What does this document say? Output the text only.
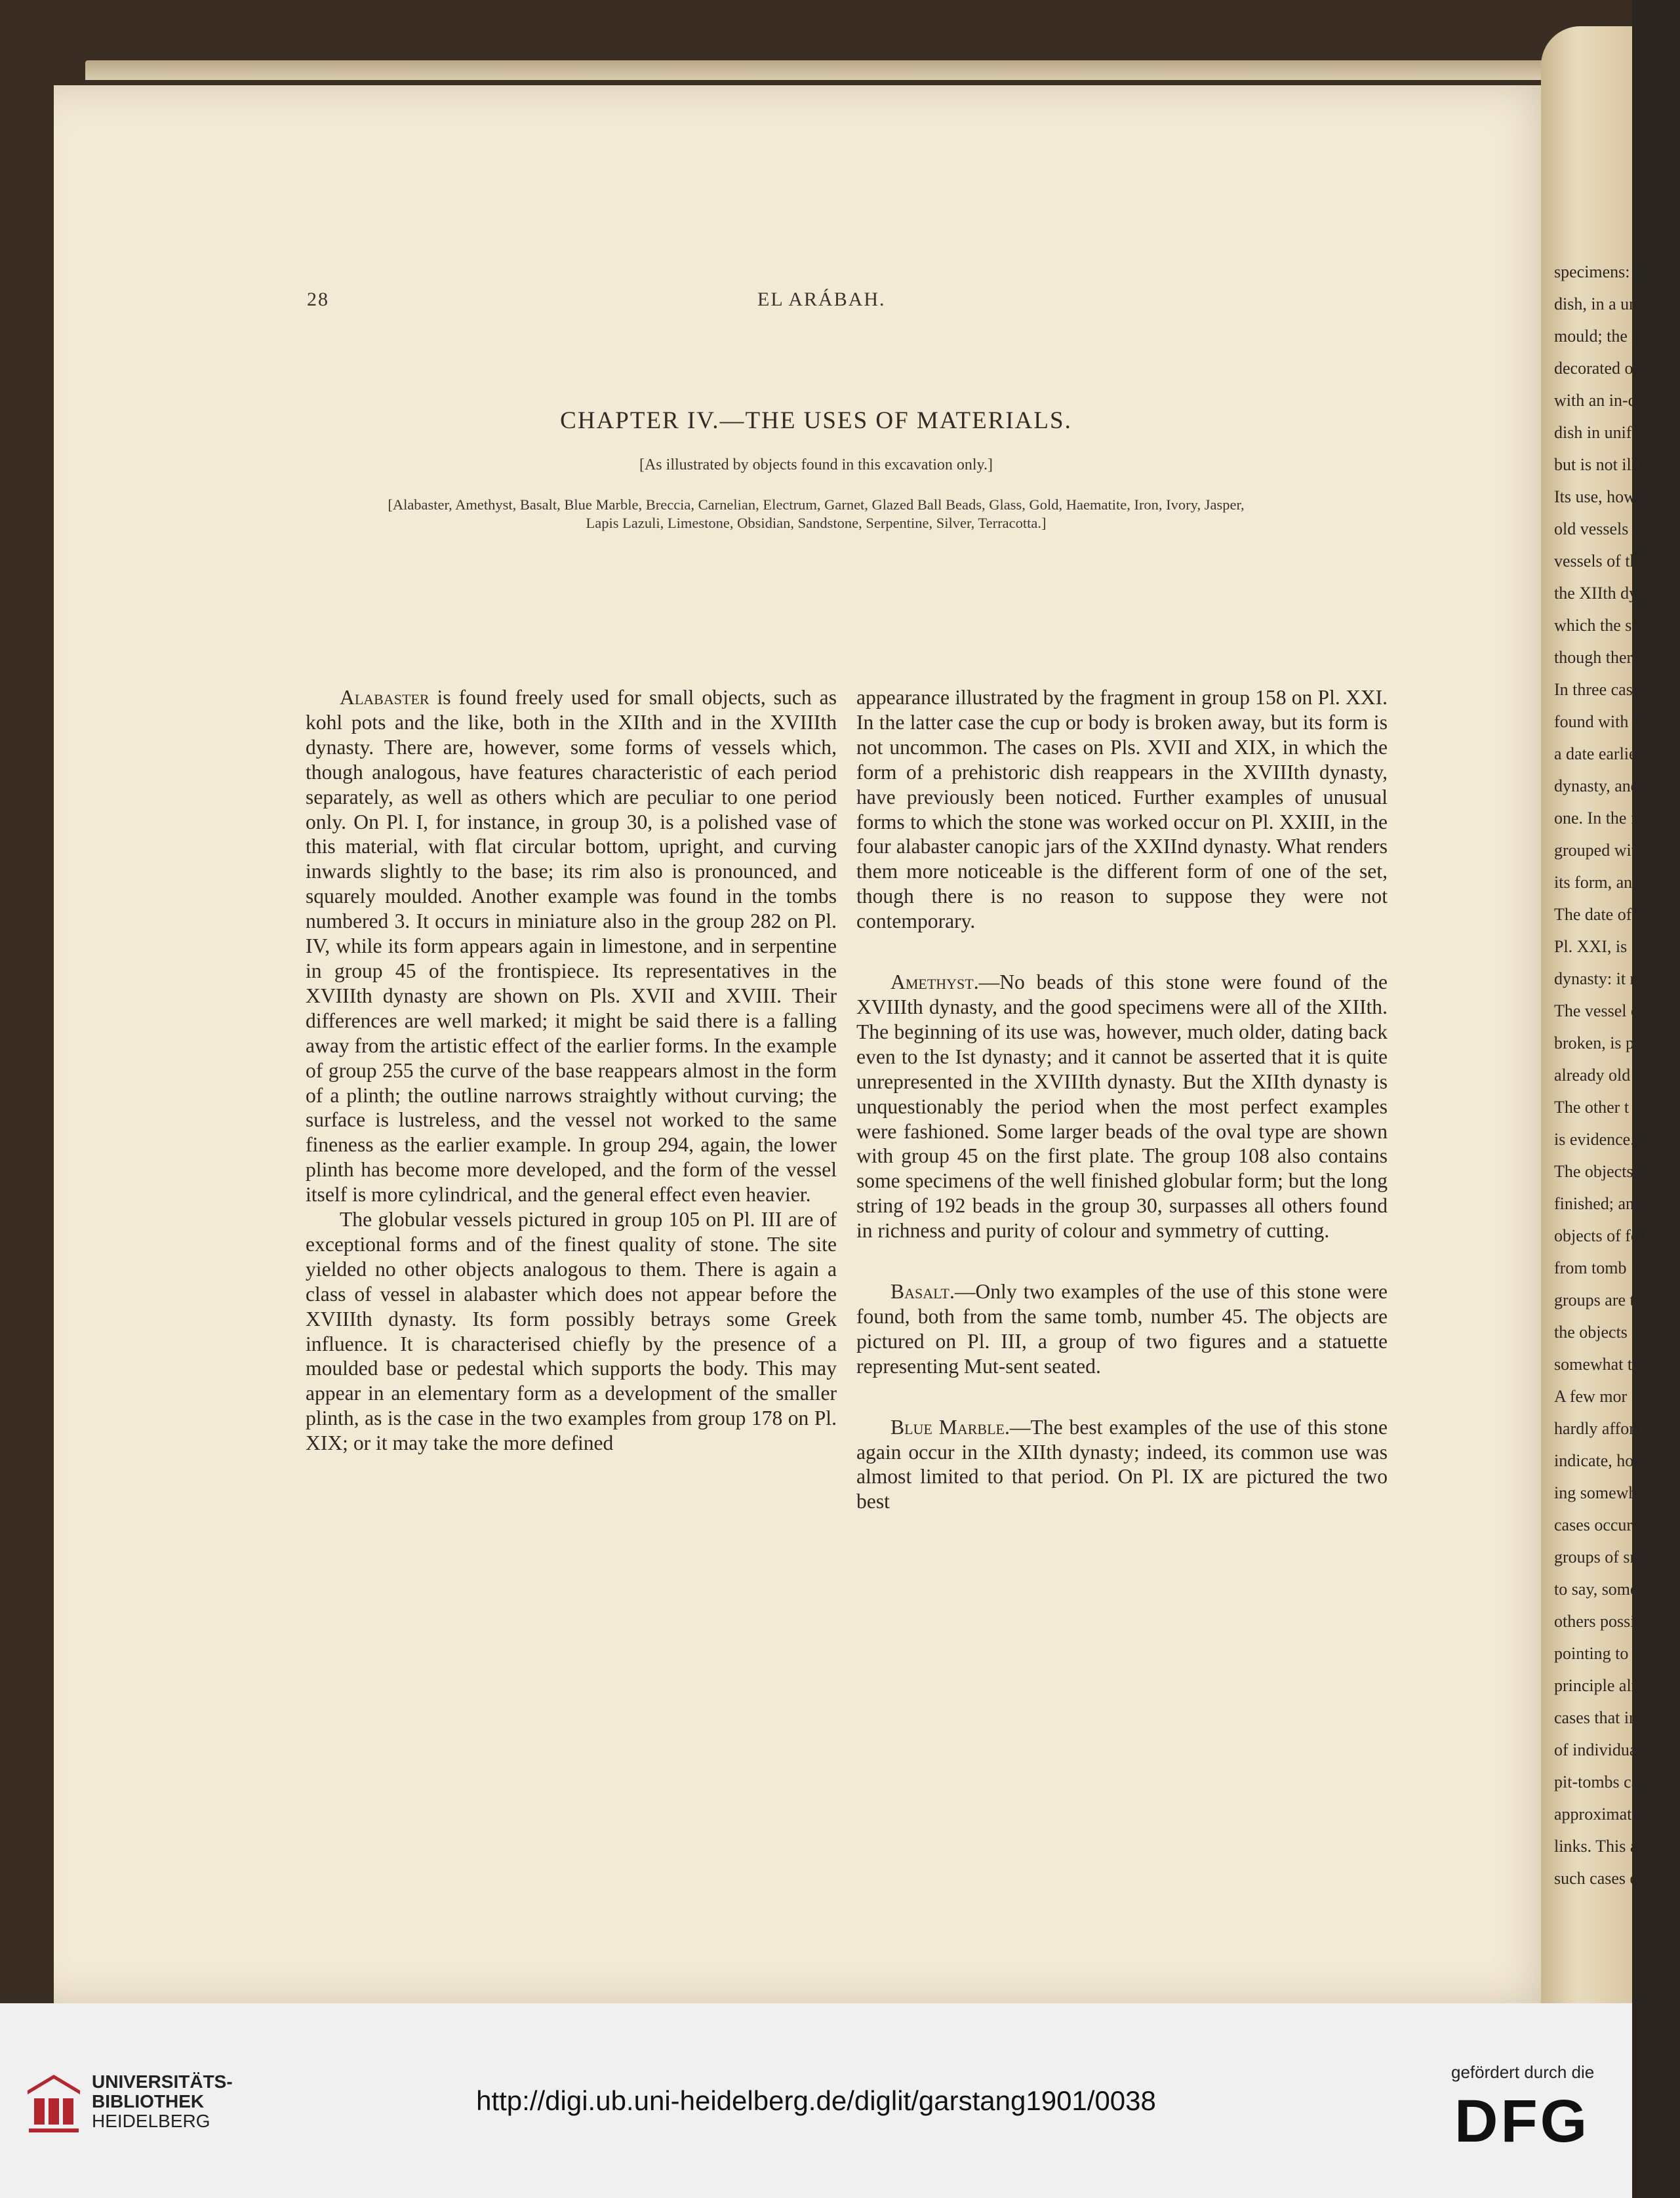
specimens: the on
dish, in a unifor
mould; the othe
decorated on its
with an in-curving
dish in uniform st
but is not illustrat
Its use, howe
old vessels and
vessels of this c
the XIIth dyna
which the stone
though there we
In three cases,
found with grou
a date earlier t
dynasty, and the
one. In the f
grouped with p
its form, and wi
The date of th
Pl. XXI, is
dynasty: it mig
The vessel of bl
broken, is plain
already old whe
The other t
is evidence.
The objects an
finished; and t
objects of foreig
from tomb 143
groups are typ
the objects o
somewhat the
A few mor
hardly afford
indicate, howe
ing somewha
cases occur f
groups of sma
to say, some
others possibl
pointing to t
principle alrea
cases that inv
of individual
pit-tombs can
approximation
links. This a
such cases of
28	EL ARÁBAH.
CHAPTER IV.—THE USES OF MATERIALS.
[As illustrated by objects found in this excavation only.]
[Alabaster, Amethyst, Basalt, Blue Marble, Breccia, Carnelian, Electrum, Garnet, Glazed Ball Beads, Glass, Gold, Haematite, Iron, Ivory, Jasper,
Lapis Lazuli, Limestone, Obsidian, Sandstone, Serpentine, Silver, Terracotta.]

Alabaster is found freely used for small objects, such as kohl pots and the like, both in the XIIth and in the XVIIIth dynasty. There are, however, some forms of vessels which, though analogous, have features characteristic of each period separately, as well as others which are peculiar to one period only. On Pl. I, for instance, in group 30, is a polished vase of this material, with flat circular bottom, upright, and curving inwards slightly to the base; its rim also is pronounced, and squarely moulded. Another example was found in the tombs numbered 3. It occurs in miniature also in the group 282 on Pl. IV, while its form appears again in limestone, and in serpentine in group 45 of the frontispiece. Its representatives in the XVIIIth dynasty are shown on Pls. XVII and XVIII. Their differences are well marked; it might be said there is a falling away from the artistic effect of the earlier forms. In the example of group 255 the curve of the base reappears almost in the form of a plinth; the outline narrows straightly without curving; the surface is lustreless, and the vessel not worked to the same fineness as the earlier example. In group 294, again, the lower plinth has become more developed, and the form of the vessel itself is more cylindrical, and the general effect even heavier.

The globular vessels pictured in group 105 on Pl. III are of exceptional forms and of the finest quality of stone. The site yielded no other objects analogous to them. There is again a class of vessel in alabaster which does not appear before the XVIIIth dynasty. Its form possibly betrays some Greek influence. It is characterised chiefly by the presence of a moulded base or pedestal which supports the body. This may appear in an elementary form as a development of the smaller plinth, as is the case in the two examples from group 178 on Pl. XIX; or it may take the more defined

appearance illustrated by the fragment in group 158 on Pl. XXI. In the latter case the cup or body is broken away, but its form is not uncommon. The cases on Pls. XVII and XIX, in which the form of a prehistoric dish reappears in the XVIIIth dynasty, have previously been noticed. Further examples of unusual forms to which the stone was worked occur on Pl. XXIII, in the four alabaster canopic jars of the XXIInd dynasty. What renders them more noticeable is the different form of one of the set, though there is no reason to suppose they were not contemporary.

Amethyst.—No beads of this stone were found of the XVIIIth dynasty, and the good specimens were all of the XIIth. The beginning of its use was, however, much older, dating back even to the Ist dynasty; and it cannot be asserted that it is quite unrepresented in the XVIIIth dynasty. But the XIIth dynasty is unquestionably the period when the most perfect examples were fashioned. Some larger beads of the oval type are shown with group 45 on the first plate. The group 108 also contains some specimens of the well finished globular form; but the long string of 192 beads in the group 30, surpasses all others found in richness and purity of colour and symmetry of cutting.

Basalt.—Only two examples of the use of this stone were found, both from the same tomb, number 45. The objects are pictured on Pl. III, a group of two figures and a statuette representing Mut-sent seated.

Blue Marble.—The best examples of the use of this stone again occur in the XIIth dynasty; indeed, its common use was almost limited to that period. On Pl. IX are pictured the two best

UNIVERSITÄTS-
BIBLIOTHEK
HEIDELBERG
http://digi.ub.uni-heidelberg.de/diglit/garstang1901/0038
gefördert durch die
DFG
